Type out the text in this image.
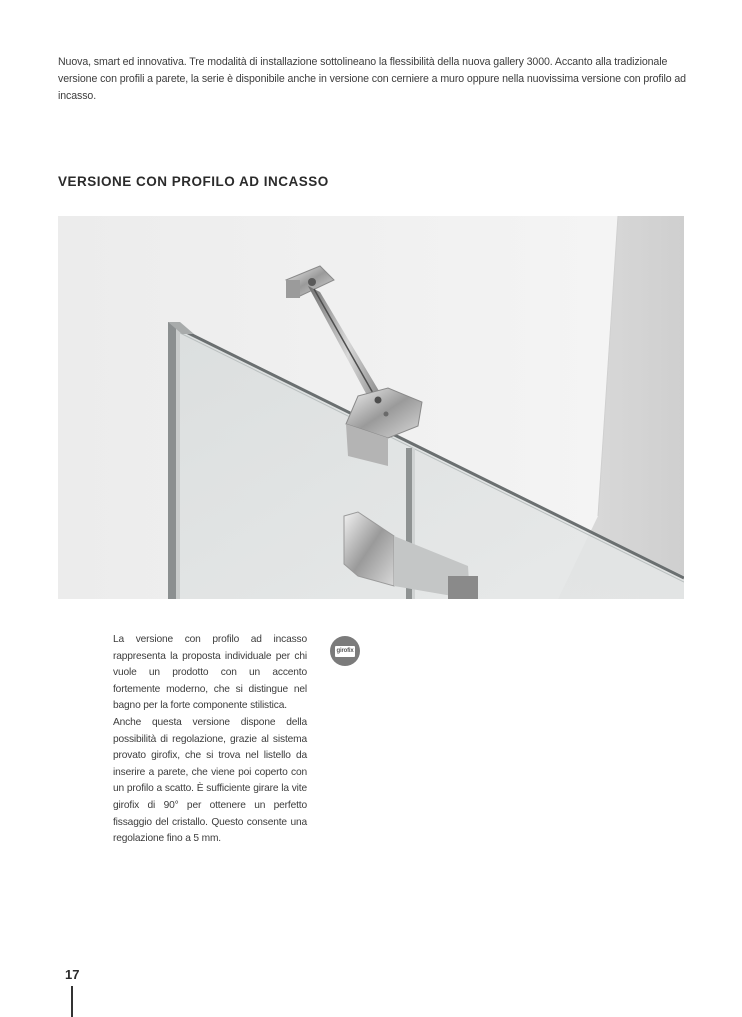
Nuova, smart ed innovativa. Tre modalità di installazione sottolineano la flessibilità della nuova gallery 3000. Accanto alla tradizionale versione con profili a parete, la serie è disponibile anche in versione con cerniere a muro oppure nella nuovissima versione con profilo ad incasso.
VERSIONE CON PROFILO AD INCASSO

La versione con profilo ad incasso rappresenta la proposta individuale per chi vuole un prodotto con un accento fortemente moderno, che si distingue nel bagno per la forte componente stilistica.

Anche questa versione dispone della possibilità di regolazione, grazie al sistema provato girofix, che si trova nel listello da inserire a parete, che viene poi coperto con un profilo a scatto. È sufficiente girare la vite girofix di 90° per ottenere un perfetto fissaggio del cristallo. Questo consente una regolazione fino a 5 mm.

girofix
17
